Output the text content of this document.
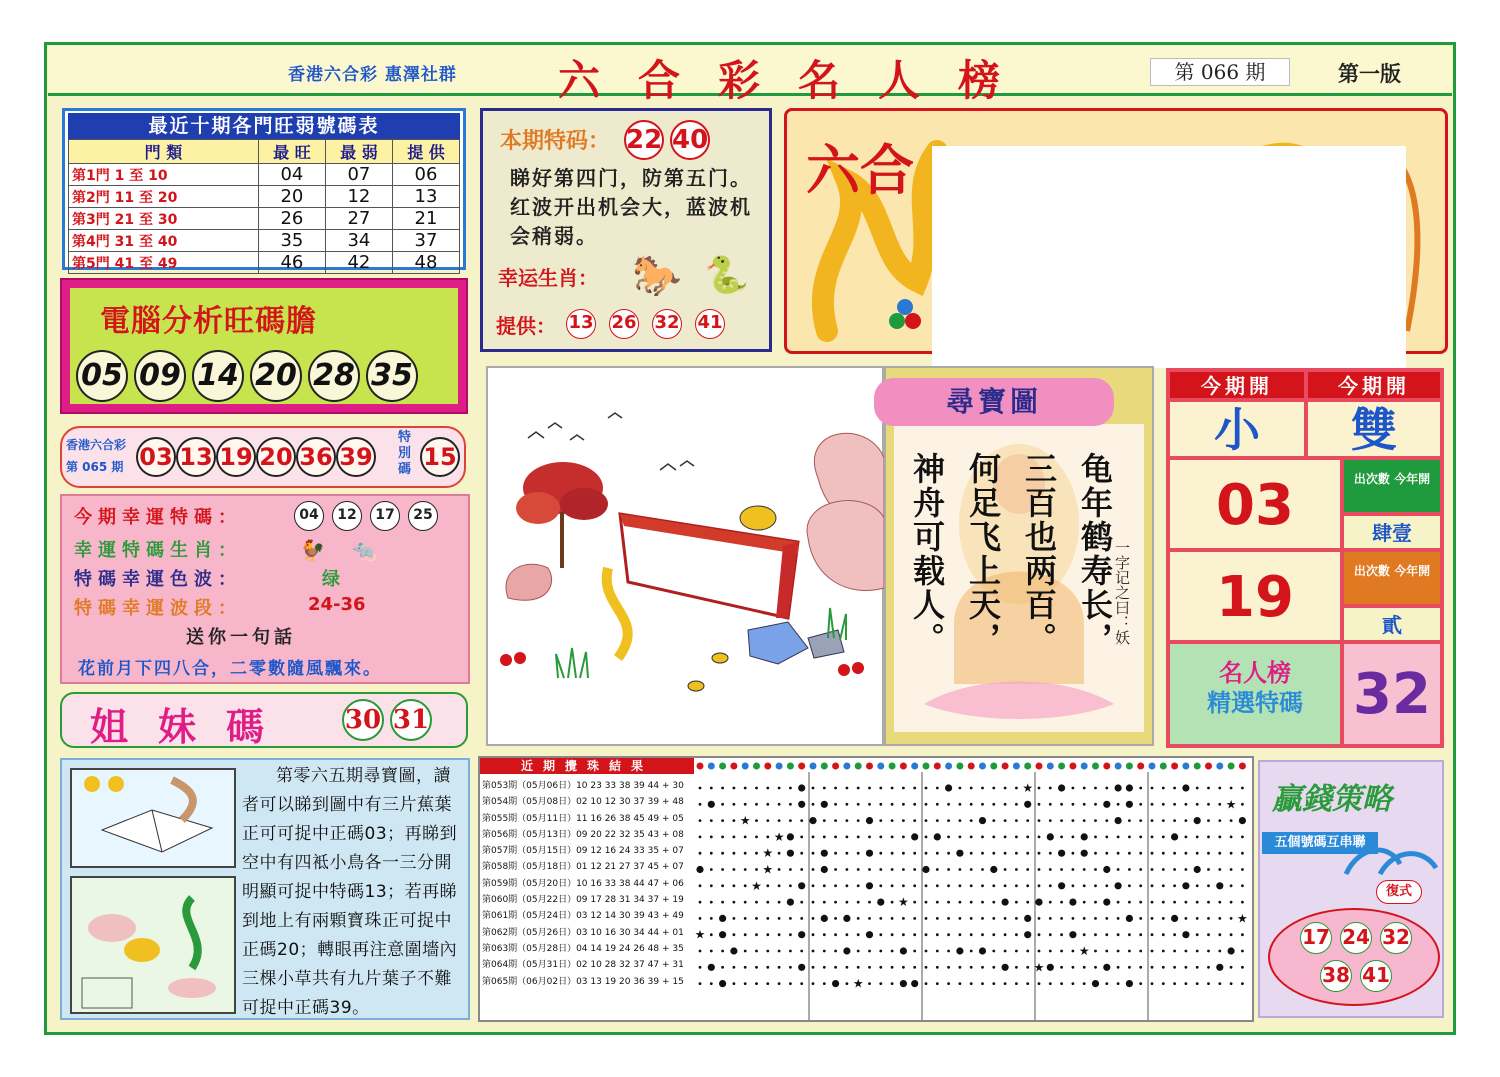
香港六合彩 惠澤社群 六合彩名人榜	第 066 期	第一版
最近十期各門旺弱號碼表
門 類	最 旺	最 弱	提 供
第1門 1 至 10	04	07	06
第2門 11 至 20	20	12	13
第3門 21 至 30	26	27	21
第4門 31 至 40	35	34	37
第5門 41 至 49	46	42	48
電腦分析旺碼膽
05 09 14 20 28 35
香港六合彩
第 065 期 03 13 19 20 36 39
特別碼 15
今期幸運特碼：	04	12	17	25
幸運特碼生肖：	🐓 🐀
特碼幸運色波：	绿
特碼幸運波段：	24-36
送你一句話
花前月下四八合，二零數隨風飄來。
姐妹碼 30 31
本期特码： 22 40
睇好第四门，防第五门。红波开出机会大，蓝波机会稍弱。
幸运生肖： 🐎 🐍
提供： 13 26 32 41
六合
尋寶圖
龟年鹤寿长，
三百也两百。
何足飞上天，
神舟可载人。	一字记之曰：妖
今期開	今期開
小	雙
03	出次數 今年開
肆壹
19	出次數 今年開
貳
名人榜
精選特碼 32
第零六五期尋寶圖，讀者可以睇到圖中有三片蕉葉正可可捉中正碼03；再睇到空中有四袛小鳥各一三分開明顯可捉中特碼13；若再睇到地上有兩顆寶珠正可捉中正碼20；轉眼再注意圍墻內三棵小草共有九片葉子不難可捉中正碼39。
近期攪珠結果
第053期（05月06日）10 23 33 38 39 44 + 30
第054期（05月08日）02 10 12 30 37 39 + 48
第055期（05月11日）11 16 26 38 45 49 + 05
第056期（05月13日）09 20 22 32 35 43 + 08
第057期（05月15日）09 12 16 24 33 35 + 07
第058期（05月18日）01 12 21 27 37 45 + 07
第059期（05月20日）10 16 33 38 44 47 + 06
第060期（05月22日）09 17 28 31 34 37 + 19
第061期（05月24日）03 12 14 30 39 43 + 49
第062期（05月26日）03 10 16 30 34 44 + 01
第063期（05月28日）04 14 19 24 26 48 + 35
第064期（05月31日）02 10 28 32 37 47 + 31
第065期（06月02日）03 13 19 20 36 39 + 15
★
★
★
★
★
★
★
★
★
★
★
★
★
贏錢策略
五個號碼互串聯
復式
17 24 32
38 41
